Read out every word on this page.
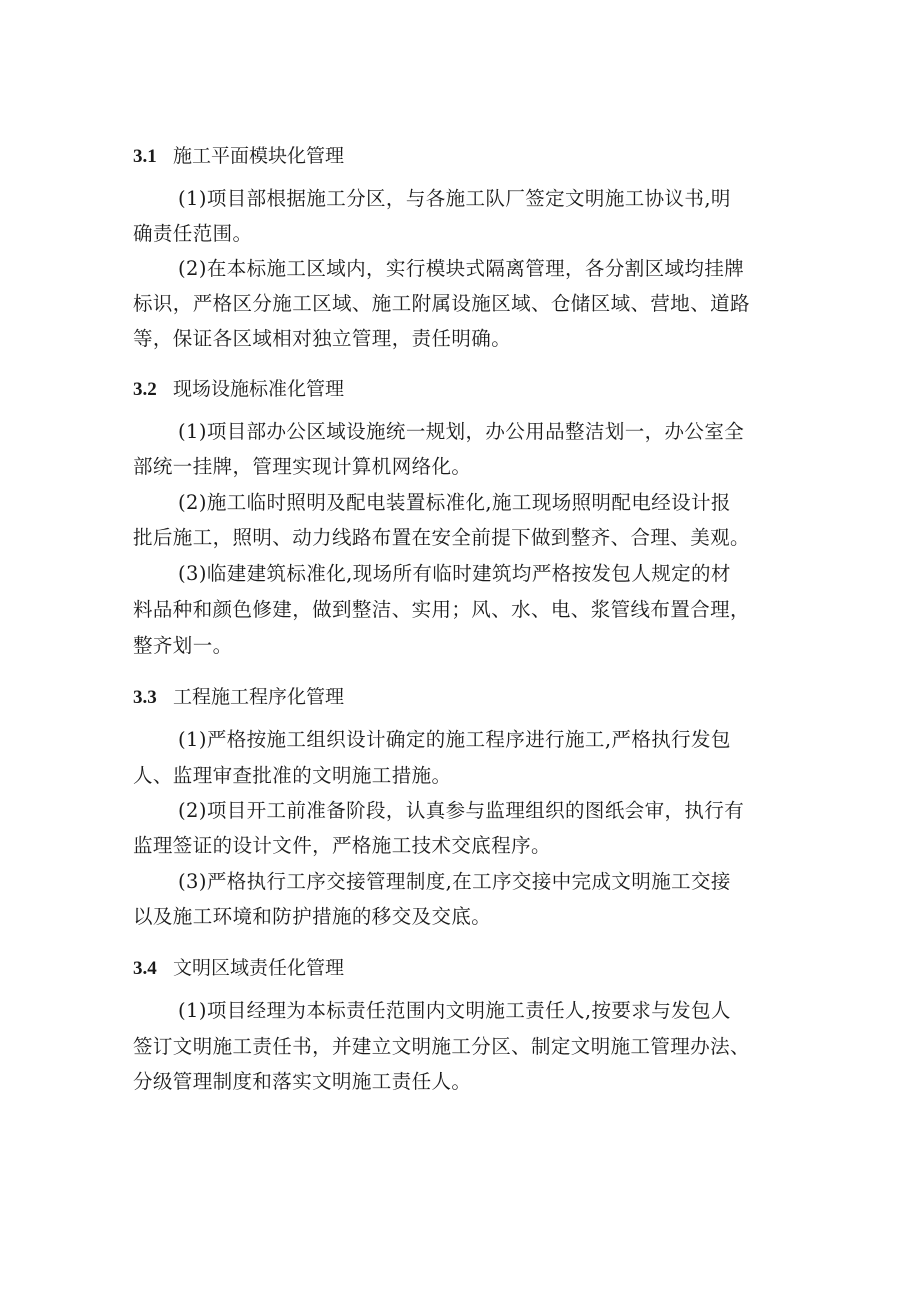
3.1 施工平面模块化管理
(1)项目部根据施工分区，与各施工队厂签定文明施工协议书,明
确责任范围。
(2)在本标施工区域内，实行模块式隔离管理，各分割区域均挂牌
标识，严格区分施工区域、施工附属设施区域、仓储区域、营地、道路
等，保证各区域相对独立管理，责任明确。
3.2 现场设施标准化管理
(1)项目部办公区域设施统一规划，办公用品整洁划一，办公室全
部统一挂牌，管理实现计算机网络化。
(2)施工临时照明及配电装置标准化,施工现场照明配电经设计报
批后施工，照明、动力线路布置在安全前提下做到整齐、合理、美观。
(3)临建建筑标准化,现场所有临时建筑均严格按发包人规定的材
料品种和颜色修建，做到整洁、实用；风、水、电、浆管线布置合理，
整齐划一。
3.3 工程施工程序化管理
(1)严格按施工组织设计确定的施工程序进行施工,严格执行发包
人、监理审查批准的文明施工措施。
(2)项目开工前准备阶段，认真参与监理组织的图纸会审，执行有
监理签证的设计文件，严格施工技术交底程序。
(3)严格执行工序交接管理制度,在工序交接中完成文明施工交接
以及施工环境和防护措施的移交及交底。
3.4 文明区域责任化管理
(1)项目经理为本标责任范围内文明施工责任人,按要求与发包人
签订文明施工责任书，并建立文明施工分区、制定文明施工管理办法、
分级管理制度和落实文明施工责任人。
